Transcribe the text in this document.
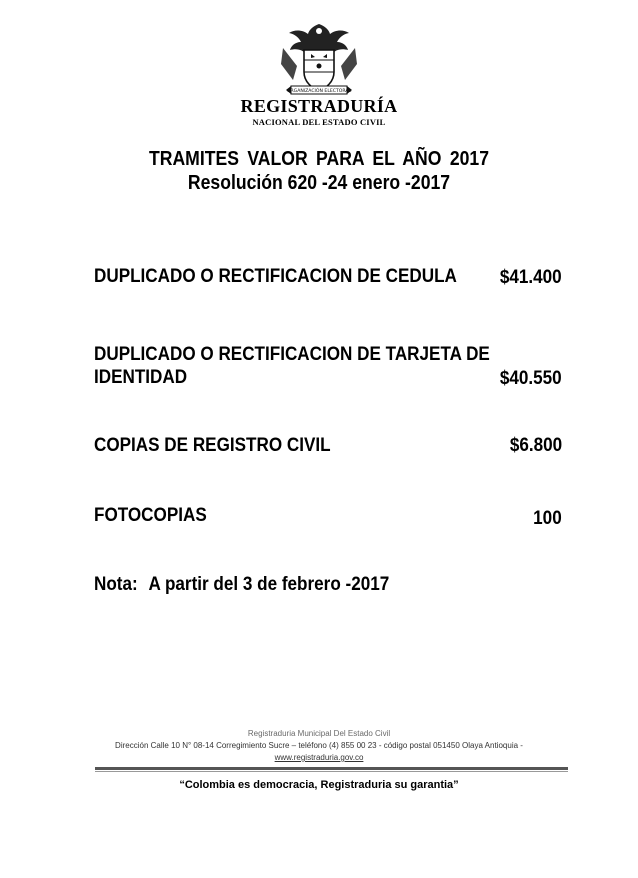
ORGANIZACIÓN ELECTORAL
REGISTRADURÍA
NACIONAL DEL ESTADO CIVIL
TRAMITES VALOR PARA EL AÑO 2017
Resolución 620 -24 enero -2017
DUPLICADO O RECTIFICACION DE CEDULA $41.400
DUPLICADO O RECTIFICACION DE TARJETA DE
IDENTIDAD	$40.550
COPIAS DE REGISTRO CIVIL	$6.800
FOTOCOPIAS	100
Nota: A partir del 3 de febrero -2017
Registraduria Municipal Del Estado Civil
Dirección Calle 10 N° 08-14 Corregimiento Sucre – teléfono (4) 855 00 23 - código postal 051450 Olaya Antioquia -
www.registraduria.gov.co
“Colombia es democracia, Registraduria su garantia”
